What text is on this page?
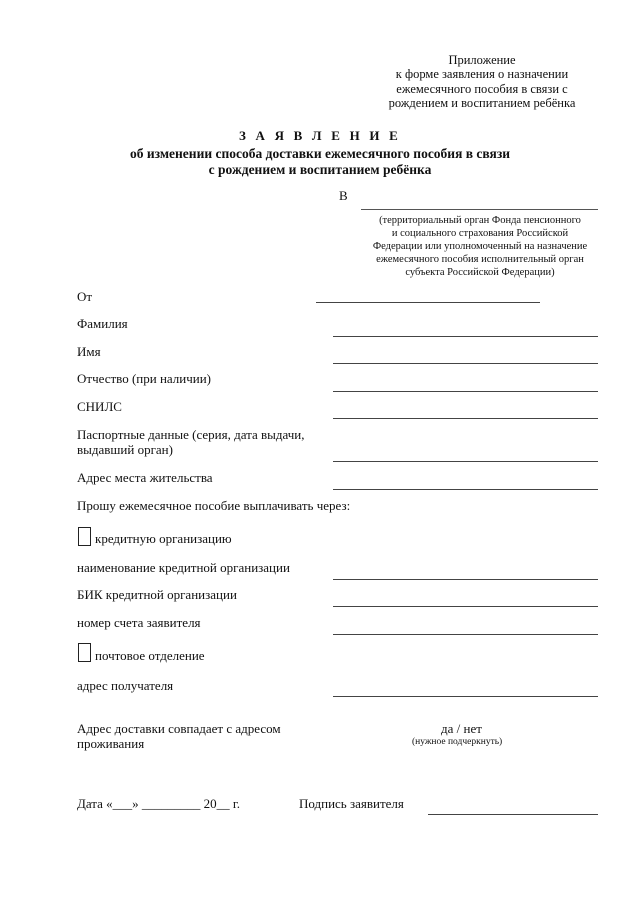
Приложение
к форме заявления о назначении
ежемесячного пособия в связи с
рождением и воспитанием ребёнка
З А Я В Л Е Н И Е
об изменении способа доставки ежемесячного пособия в связи
с рождением и воспитанием ребёнка
В
(территориальный орган Фонда пенсионного
и социального страхования Российской
Федерации или уполномоченный на назначение
ежемесячного пособия исполнительный орган
субъекта Российской Федерации)
От
Фамилия
Имя
Отчество (при наличии)
СНИЛС
Паспортные данные (серия, дата выдачи,
выдавший орган)
Адрес места жительства
Прошу ежемесячное пособие выплачивать через:
кредитную организацию
наименование кредитной организации
БИК кредитной организации
номер счета заявителя
почтовое отделение
адрес получателя
Адрес доставки совпадает с адресом
проживания
да / нет
(нужное подчеркнуть)
Дата «___» _________ 20__ г.	Подпись заявителя
